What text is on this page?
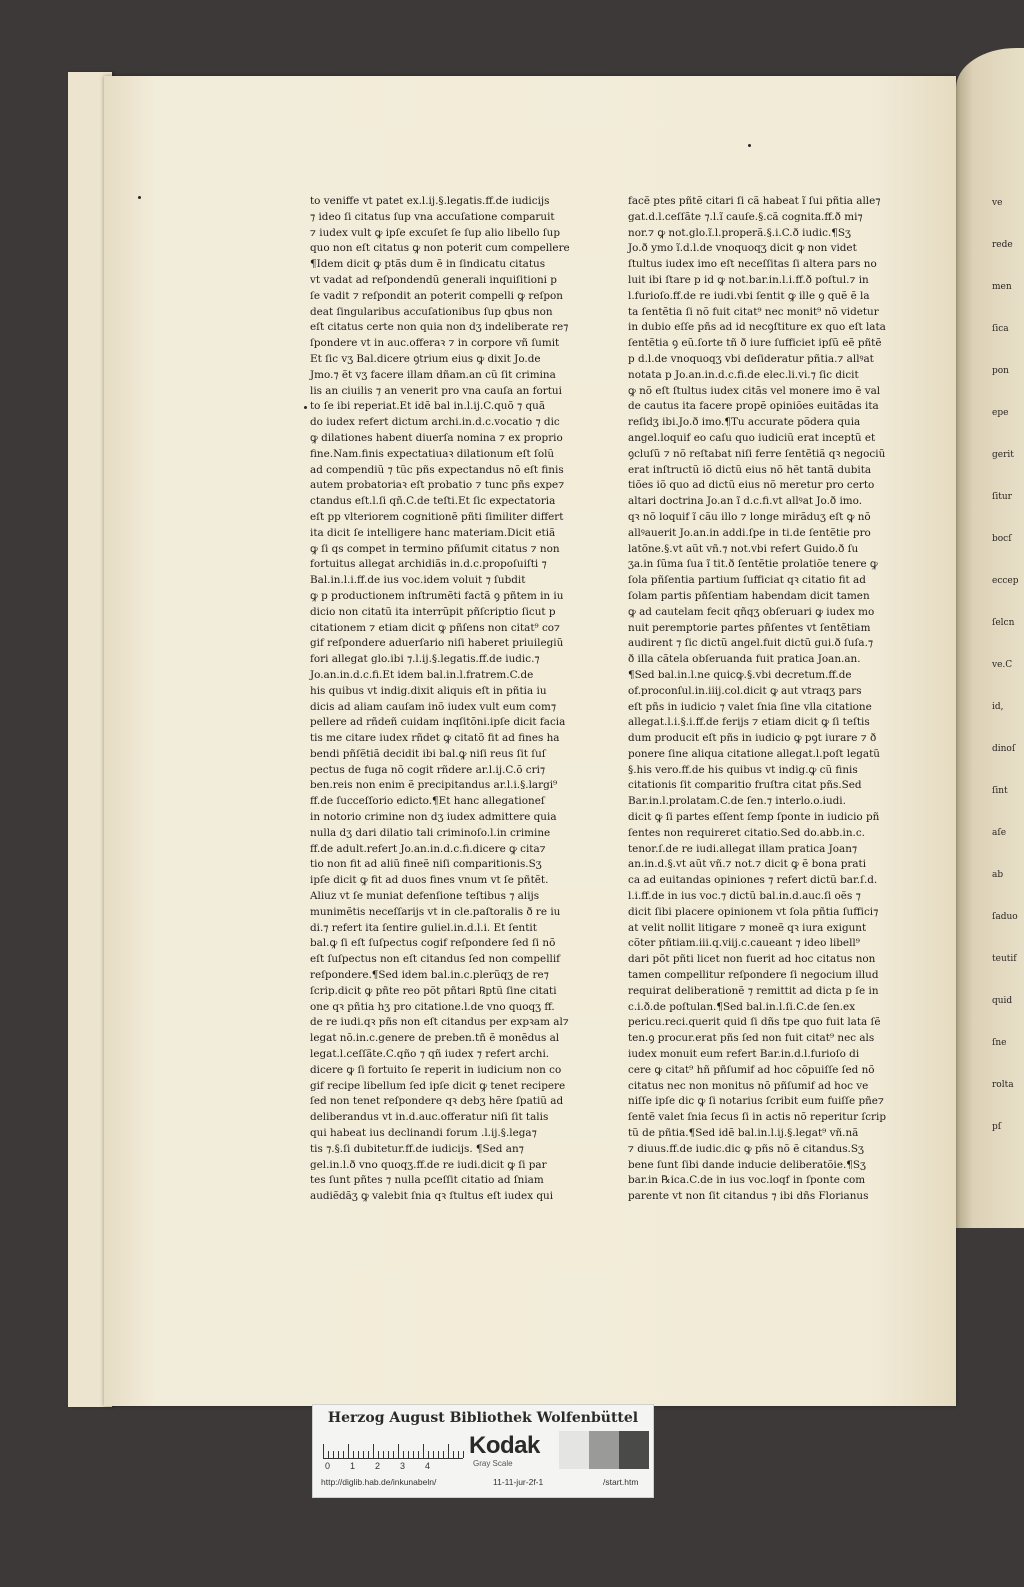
ve
rede
men
ſica
pon
epe
gerit
ſitur
bocſ
eccep
ſelcn
ve.C
id,
dinoſ
ſint
aſe
ab
ſaduo
teutif
quid
ſne
rolta
pſ
to veniffe vt patet ex.l.ij.§.legatis.ff.de iudicijs
⁊ ideo ſi citatus ſup vna accuſatione comparuit
⁊ iudex vult ꝙ ipſe excuſet ſe ſup alio libello ſup
quo non eſt citatus ꝙ non poterit cum compellere
¶Idem dicit ꝙ ptãs dum ẽ in ſindicatu citatus
vt vadat ad reſpondendũ generali inquiſitioni p
ſe vadit ⁊ reſpondit an poterit compelli ꝙ reſpon
deat ſingularibus accuſationibus ſup qbus non
eſt citatus certe non quia non dʒ indeliberate re⁊
ſpondere vt in auc.offeraꝛ ⁊ in corpore vñ ſumit
Et ſic vʒ Bal.dicere ꝯtrium eius ꝙ dixit Jo.de
Jmo.⁊ ẽt vʒ facere illam dñam.an cũ ſit crimina
lis an ciuilis ⁊ an venerit pro vna cauſa an fortui
to ſe ibi reperiat.Et idẽ bal in.l.ij.C.quõ ⁊ quã
do iudex refert dictum archi.in.d.c.vocatio ⁊ dic
ꝙ dilationes habent diuerſa nomina ⁊ ex proprio
fine.Nam.finis expectatiuaꝛ dilationum eſt ſolũ
ad compendiũ ⁊ tũc pñs expectandus nõ eſt finis
autem probatoriaꝛ eſt probatio ⁊ tunc pñs expe⁊
ctandus eſt.l.ſi qñ.C.de teſti.Et ſic expectatoria
eſt pp vlteriorem cognitionẽ pñti ſimiliter differt
ita dicit ſe intelligere hanc materiam.Dicit etiã
ꝙ ſi qs compet in termino pñſumit citatus ⁊ non
fortuitus allegat archidiãs in.d.c.propoſuiſti ⁊
Bal.in.l.i.ff.de ius voc.idem voluit ⁊ ſubdit
ꝙ p productionem inſtrumẽti factã ꝯ pñtem in iu
dicio non citatũ ita interrũpit pñſcriptio ſicut p
citationem ⁊ etiam dicit ꝙ pñſens non citat⁹ co⁊
gif reſpondere aduerſario niſi haberet priuilegiũ
fori allegat glo.ibi ⁊.l.ij.§.legatis.ff.de iudic.⁊
Jo.an.in.d.c.fi.Et idem bal.in.l.fratrem.C.de
his quibus vt indig.dixit aliquis eſt in pñtia iu
dicis ad aliam cauſam inõ iudex vult eum com⁊
pellere ad rñdeñ cuidam inqſitõni.ipſe dicit facia
tis me citare iudex rñdet ꝙ citatõ fit ad fines ha
bendi pñſẽtiã decidit ibi bal.ꝙ niſi reus ſit ſuſ
pectus de fuga nõ cogit rñdere ar.l.ij.C.õ cri⁊
ben.reis non enim ẽ precipitandus ar.l.i.§.largi⁹
ff.de ſucceſſorio edicto.¶Et hanc allegationeſ
in notorio crimine non dʒ iudex admittere quia
nulla dʒ dari dilatio tali criminoſo.l.in crimine
ff.de adult.refert Jo.an.in.d.c.fi.dicere ꝙ cita⁊
tio non fit ad aliũ fineẽ niſi comparitionis.Sʒ
ipſe dicit ꝙ fit ad duos fines vnum vt ſe pñtẽt.
Aliuz vt ſe muniat defenſione teſtibus ⁊ alijs
munimẽtis neceſſarijs vt in cle.paſtoralis ð re iu
di.⁊ refert ita ſentire guliel.in.d.l.i. Et ſentit
bal.ꝙ ſi eſt ſuſpectus cogif reſpondere ſed ſi nõ
eſt ſuſpectus non eſt citandus ſed non compellif
reſpondere.¶Sed idem bal.in.c.plerũqʒ de re⁊
ſcrip.dicit ꝙ pñte reo põt pñtari ℞ptũ ſine citati
one qꝛ pñtia hʒ pro citatione.l.de vno quoqʒ ff.
de re iudi.qꝛ pñs non eſt citandus per expꝛam al⁊
legat nõ.in.c.genere de preben.tñ ẽ monẽdus al
legat.l.ceſſãte.C.qño ⁊ qñ iudex ⁊ refert archi.
dicere ꝙ ſi fortuito ſe reperit in iudicium non co
gif recipe libellum ſed ipſe dicit ꝙ tenet recipere
ſed non tenet reſpondere qꝛ debʒ hẽre ſpatiũ ad
deliberandus vt in.d.auc.offeratur niſi ſit talis
qui habeat ius declinandi forum .l.ij.§.lega⁊
tis ⁊.§.ſi dubitetur.ff.de iudicijs. ¶Sed an⁊
gel.in.l.ð vno quoqʒ.ff.de re iudi.dicit ꝙ ſi par
tes ſunt pñtes ⁊ nulla pceſſit citatio ad ſniam
audiẽdãʒ ꝙ valebit ſnia qꝛ ſtultus eſt iudex qui
facẽ ptes pñtẽ citari ſi cã habeat ĩ ſui pñtia alle⁊
gat.d.l.ceſſãte ⁊.l.ĩ cauſe.§.cã cognita.ff.ð mi⁊
nor.⁊ ꝙ not.glo.ĩ.l.properã.§.i.C.ð iudic.¶Sʒ
Jo.ð ymo ĩ.d.l.de vnoquoqʒ dicit ꝙ non videt
ſtultus iudex imo eſt neceſſitas ſi altera pars no
luit ibi ſtare p id ꝙ not.bar.in.l.i.ff.ð poſtul.⁊ in
l.furioſo.ff.de re iudi.vbi ſentit ꝙ ille ꝯ quẽ ẽ la
ta ſentẽtia ſi nõ fuit citat⁹ nec monit⁹ nõ videtur
in dubio eſſe pñs ad id necꝯſtiture ex quo eſt lata
ſentẽtia ꝯ eũ.ſorte tñ ð iure ſufficiet ipſũ eẽ pñtẽ
p d.l.de vnoquoqʒ vbi deſideratur pñtia.⁊ allꝰat
notata p Jo.an.in.d.c.fi.de elec.li.vi.⁊ ſic dicit
ꝙ nõ eſt ſtultus iudex citãs vel monere imo ẽ val
de cautus ita facere propẽ opiniões euitãdas ita
reſidʒ ibi.Jo.ð imo.¶Tu accurate põdera quia
angel.loquif eo caſu quo iudiciũ erat inceptũ et
ꝯcluſũ ⁊ nõ reſtabat niſi ferre ſentẽtiã qꝛ negociũ
erat inſtructũ iõ dictũ eius nõ hẽt tantã dubita
tiões iõ quo ad dictũ eius nõ meretur pro certo
altari doctrina Jo.an ĩ d.c.fi.vt allꝰat Jo.ð imo.
qꝛ nõ loquif ĩ cãu illo ⁊ longe mirãduʒ eſt ꝙ nõ
allꝰauerit Jo.an.in addi.ſpe in ti.de ſentẽtie pro
latõne.§.vt aũt vñ.⁊ not.vbi refert Guido.ð ſu
ʒa.in ſũma ſua ĩ tit.ð ſentẽtie prolatiõe tenere ꝙ
ſola pñſentia partium ſufficiat qꝛ citatio fit ad
ſolam partis pñſentiam habendam dicit tamen
ꝙ ad cautelam fecit qñqʒ obſeruari ꝙ iudex mo
nuit peremptorie partes pñſentes vt ſentẽtiam
audirent ⁊ ſic dictũ angel.fuit dictũ gui.ð ſuſa.⁊
ð illa cãtela obſeruanda fuit pratica Joan.an.
¶Sed bal.in.l.ne quicꝙ.§.vbi decretum.ff.de
of.proconſul.in.iiij.col.dicit ꝙ aut vtraqʒ pars
eſt pñs in iudicio ⁊ valet ſnia ſine vlla citatione
allegat.l.i.§.i.ff.de ferijs ⁊ etiam dicit ꝙ ſi teſtis
dum producit eſt pñs in iudicio ꝙ pꝯt iurare ⁊ ð
ponere ſine aliqua citatione allegat.l.poſt legatũ
§.his vero.ff.de his quibus vt indig.ꝙ cũ finis
citationis ſit comparitio fruſtra citat pñs.Sed
Bar.in.l.prolatam.C.de ſen.⁊ interlo.o.iudi.
dicit ꝙ ſi partes eſſent ſemp ſponte in iudicio pñ
ſentes non requireret citatio.Sed do.abb.in.c.
tenor.ſ.de re iudi.allegat illam pratica Joan⁊
an.in.d.§.vt aũt vñ.⁊ not.⁊ dicit ꝙ ẽ bona prati
ca ad euitandas opiniones ⁊ refert dictũ bar.ſ.d.
l.i.ff.de in ius voc.⁊ dictũ bal.in.d.auc.ſi oẽs ⁊
dicit ſibi placere opinionem vt ſola pñtia ſuffici⁊
at velit nollit litigare ⁊ moneẽ qꝛ iura exigunt
cõter pñtiam.iii.q.viij.c.caueant ⁊ ideo libell⁹
dari põt pñti licet non fuerit ad hoc citatus non
tamen compellitur reſpondere ſi negocium illud
requirat deliberationẽ ⁊ remittit ad dicta p ſe in
c.i.ð.de poſtulan.¶Sed bal.in.l.ſi.C.de ſen.ex
pericu.reci.querit quid ſi dñs tpe quo fuit lata ſẽ
ten.ꝯ procur.erat pñs ſed non fuit citat⁹ nec als
iudex monuit eum refert Bar.in.d.l.furioſo di
cere ꝙ citat⁹ hñ pñſumif ad hoc cõpuiſſe ſed nõ
citatus nec non monitus nõ pñſumif ad hoc ve
niſſe ipſe dic ꝙ ſi notarius ſcribit eum fuiſſe pñe⁊
ſentẽ valet ſnia ſecus ſi in actis nõ reperitur ſcrip
tũ de pñtia.¶Sed idẽ bal.in.l.ij.§.legat⁹ vñ.nã
⁊ diuus.ff.de iudic.dic ꝙ pñs nõ ẽ citandus.Sʒ
bene ſunt ſibi dande inducie deliberatõie.¶Sʒ
bar.in ℞ica.C.de in ius voc.loqf in ſponte com
parente vt non ſit citandus ⁊ ibi dñs Florianus
Herzog August Bibliothek Wolfenbüttel
0 1 2 3 4
Kodak
Gray Scale
http://diglib.hab.de/inkunabeln/	11-11-jur-2f-1	/start.htm
